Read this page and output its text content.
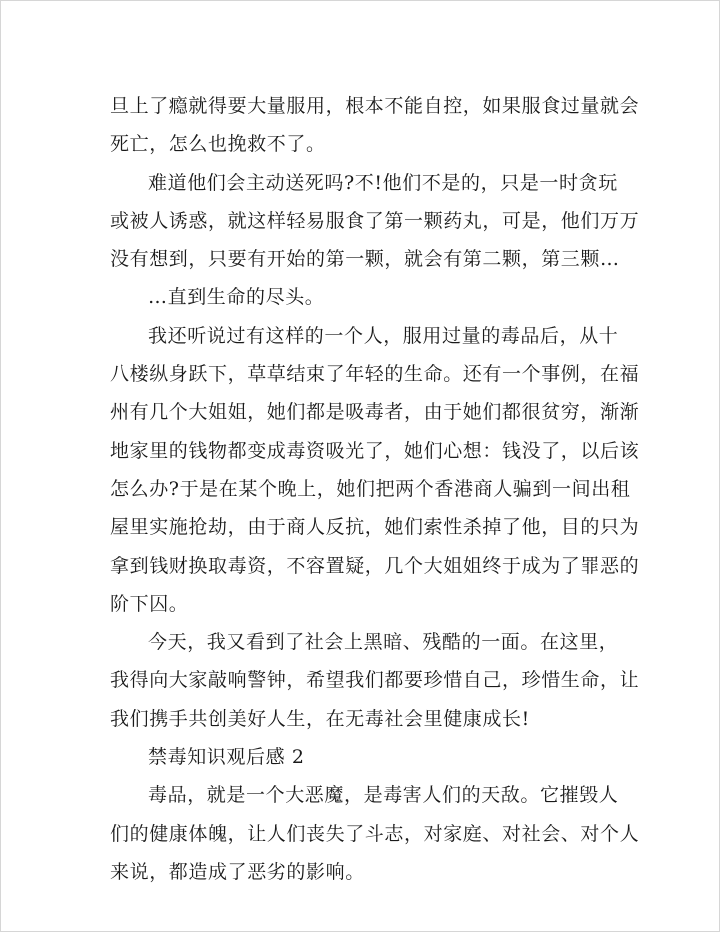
旦上了瘾就得要大量服用，根本不能自控，如果服食过量就会
死亡，怎么也挽救不了。
难道他们会主动送死吗?不!他们不是的，只是一时贪玩
或被人诱惑，就这样轻易服食了第一颗药丸，可是，他们万万
没有想到，只要有开始的第一颗，就会有第二颗，第三颗…
…直到生命的尽头。
我还听说过有这样的一个人，服用过量的毒品后，从十
八楼纵身跃下，草草结束了年轻的生命。还有一个事例，在福
州有几个大姐姐，她们都是吸毒者，由于她们都很贫穷，渐渐
地家里的钱物都变成毒资吸光了，她们心想：钱没了，以后该
怎么办?于是在某个晚上，她们把两个香港商人骗到一间出租
屋里实施抢劫，由于商人反抗，她们索性杀掉了他，目的只为
拿到钱财换取毒资，不容置疑，几个大姐姐终于成为了罪恶的
阶下囚。
今天，我又看到了社会上黑暗、残酷的一面。在这里，
我得向大家敲响警钟，希望我们都要珍惜自己，珍惜生命，让
我们携手共创美好人生，在无毒社会里健康成长!
禁毒知识观后感 2
毒品，就是一个大恶魔，是毒害人们的天敌。它摧毁人
们的健康体魄，让人们丧失了斗志，对家庭、对社会、对个人
来说，都造成了恶劣的影响。
